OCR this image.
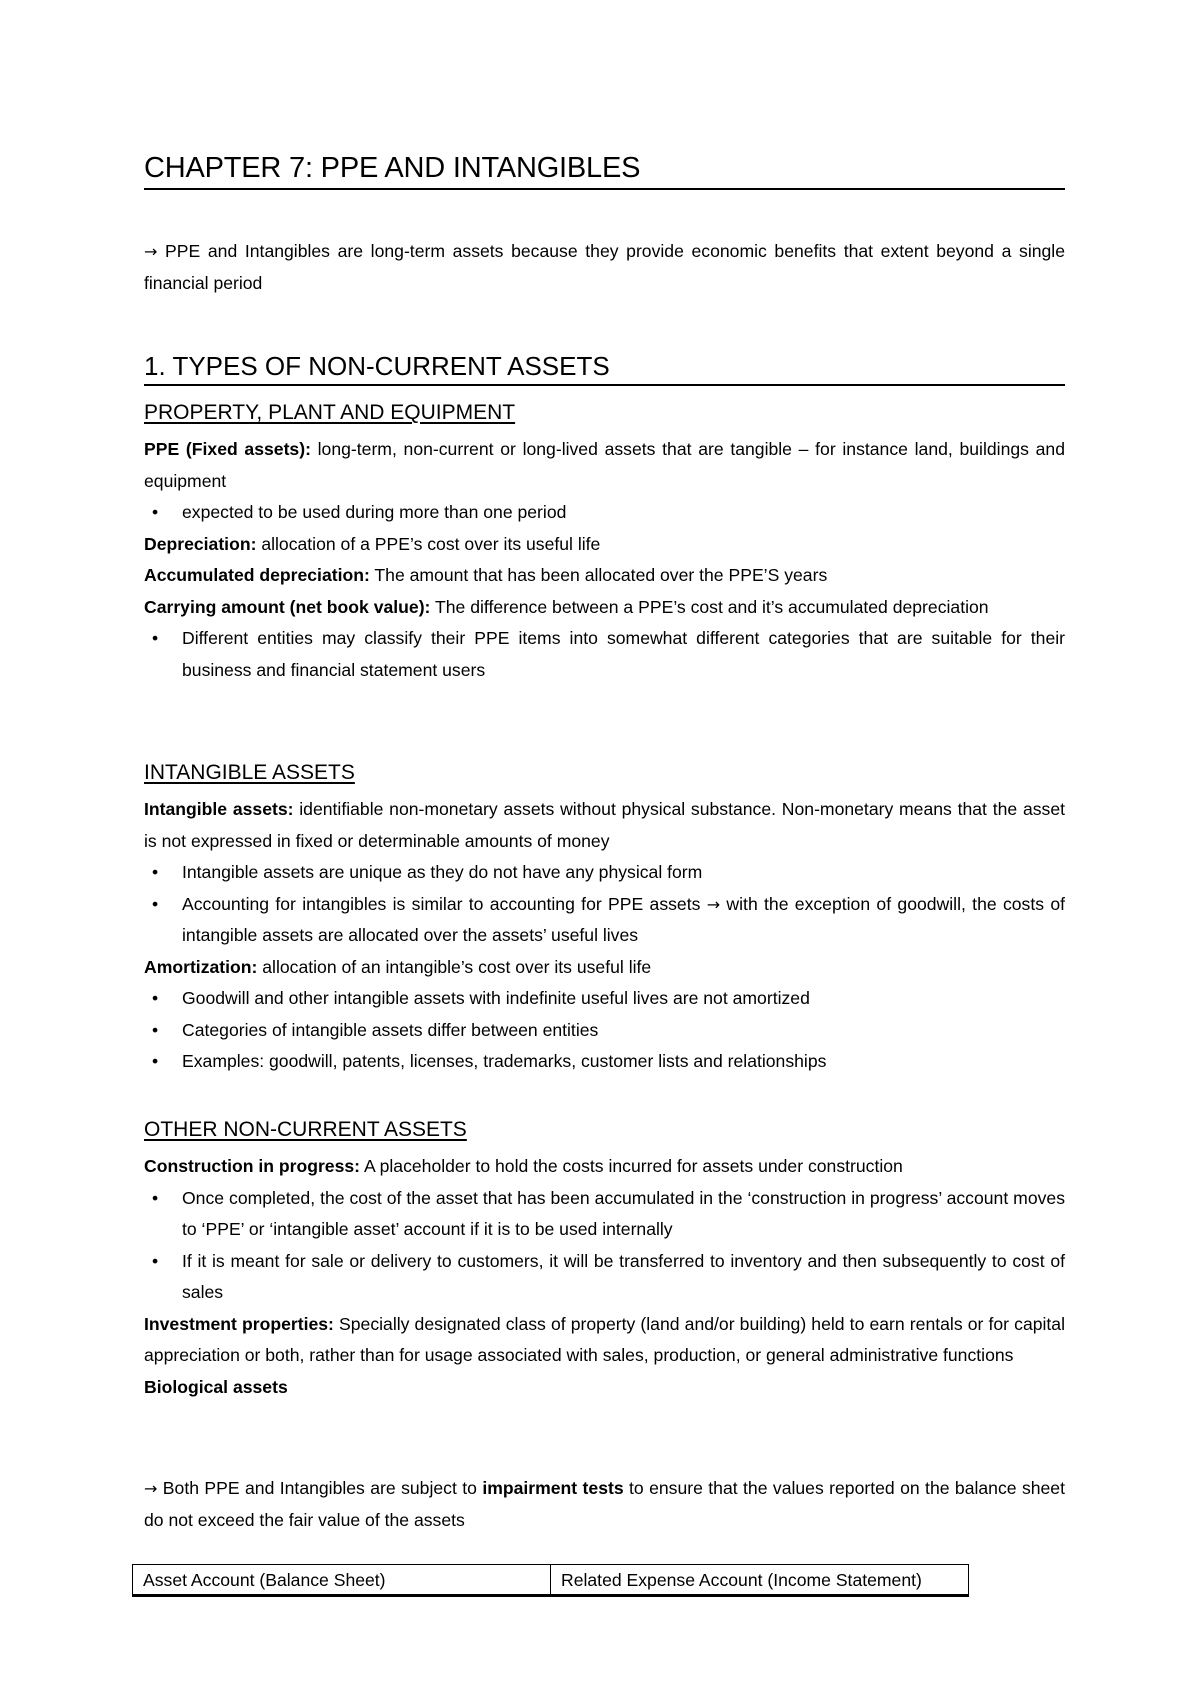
CHAPTER 7: PPE AND INTANGIBLES

→ PPE and Intangibles are long-term assets because they provide economic benefits that extent beyond a single financial period

1. TYPES OF NON-CURRENT ASSETS
PROPERTY, PLANT AND EQUIPMENT

PPE (Fixed assets): long-term, non-current or long-lived assets that are tangible – for instance land, buildings and equipment

• expected to be used during more than one period

Depreciation: allocation of a PPE’s cost over its useful life

Accumulated depreciation: The amount that has been allocated over the PPE’S years

Carrying amount (net book value): The difference between a PPE’s cost and it’s accumulated depreciation

• Different entities may classify their PPE items into somewhat different categories that are suitable for their business and financial statement users

INTANGIBLE ASSETS

Intangible assets: identifiable non-monetary assets without physical substance. Non-monetary means that the asset is not expressed in fixed or determinable amounts of money

• Intangible assets are unique as they do not have any physical form

• Accounting for intangibles is similar to accounting for PPE assets → with the exception of goodwill, the costs of intangible assets are allocated over the assets’ useful lives

Amortization: allocation of an intangible’s cost over its useful life

• Goodwill and other intangible assets with indefinite useful lives are not amortized

• Categories of intangible assets differ between entities

• Examples: goodwill, patents, licenses, trademarks, customer lists and relationships

OTHER NON-CURRENT ASSETS

Construction in progress: A placeholder to hold the costs incurred for assets under construction

• Once completed, the cost of the asset that has been accumulated in the ‘construction in progress’ account moves to ‘PPE’ or ‘intangible asset’ account if it is to be used internally

• If it is meant for sale or delivery to customers, it will be transferred to inventory and then subsequently to cost of sales

Investment properties: Specially designated class of property (land and/or building) held to earn rentals or for capital appreciation or both, rather than for usage associated with sales, production, or general administrative functions

Biological assets

→ Both PPE and Intangibles are subject to impairment tests to ensure that the values reported on the balance sheet do not exceed the fair value of the assets

Asset Account (Balance Sheet)	Related Expense Account (Income Statement)
